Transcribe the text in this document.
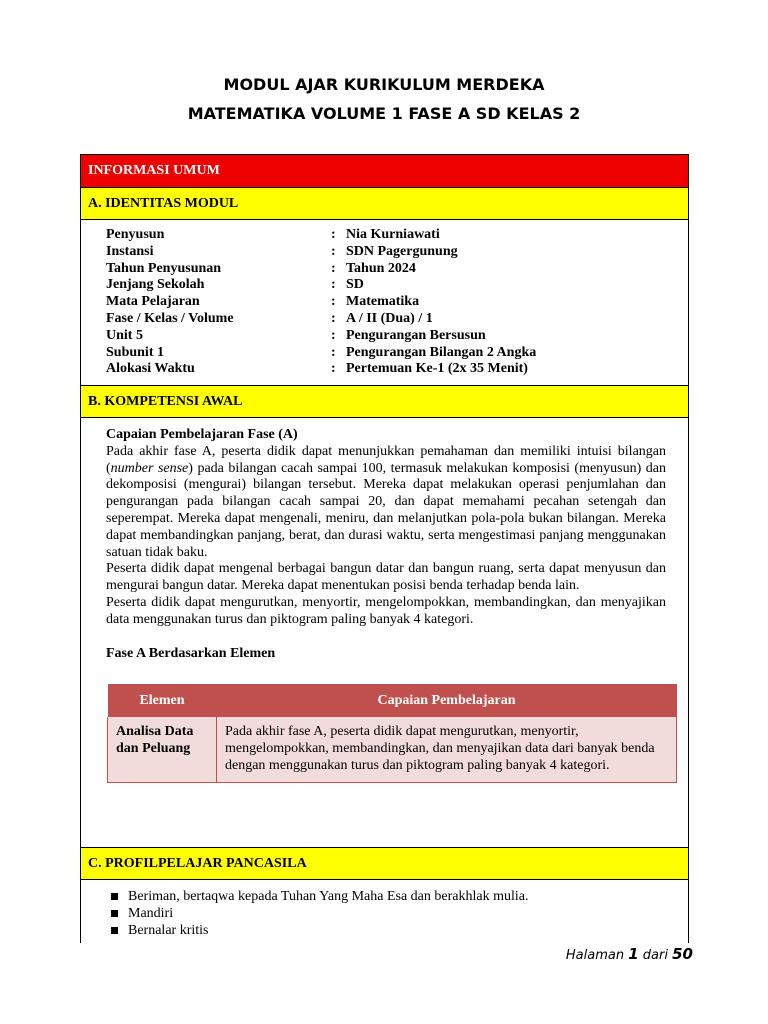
MODUL AJAR KURIKULUM MERDEKA
MATEMATIKA VOLUME 1 FASE A SD KELAS 2
INFORMASI UMUM
A. IDENTITAS MODUL
Penyusun	: Nia Kurniawati
Instansi	: SDN Pagergunung
Tahun Penyusunan	: Tahun 2024
Jenjang Sekolah	: SD
Mata Pelajaran	: Matematika
Fase / Kelas / Volume	: A / II (Dua) / 1
Unit 5	: Pengurangan Bersusun
Subunit 1	: Pengurangan Bilangan 2 Angka
Alokasi Waktu	: Pertemuan Ke-1 (2x 35 Menit)
B. KOMPETENSI AWAL
Capaian Pembelajaran Fase (A)
Pada akhir fase A, peserta didik dapat menunjukkan pemahaman dan memiliki intuisi bilangan (number sense) pada bilangan cacah sampai 100, termasuk melakukan komposisi (menyusun) dan dekomposisi (mengurai) bilangan tersebut. Mereka dapat melakukan operasi penjumlahan dan pengurangan pada bilangan cacah sampai 20, dan dapat memahami pecahan setengah dan seperempat. Mereka dapat mengenali, meniru, dan melanjutkan pola-pola bukan bilangan. Mereka dapat membandingkan panjang, berat, dan durasi waktu, serta mengestimasi panjang menggunakan satuan tidak baku.
Peserta didik dapat mengenal berbagai bangun datar dan bangun ruang, serta dapat menyusun dan mengurai bangun datar. Mereka dapat menentukan posisi benda terhadap benda lain.
Peserta didik dapat mengurutkan, menyortir, mengelompokkan, membandingkan, dan menyajikan data menggunakan turus dan piktogram paling banyak 4 kategori.
Fase A Berdasarkan Elemen
Elemen	Capaian Pembelajaran
Analisa Data dan Peluang	Pada akhir fase A, peserta didik dapat mengurutkan, menyortir, mengelompokkan, membandingkan, dan menyajikan data dari banyak benda dengan menggunakan turus dan piktogram paling banyak 4 kategori.
C. PROFILPELAJAR PANCASILA
Beriman, bertaqwa kepada Tuhan Yang Maha Esa dan berakhlak mulia.
Mandiri
Bernalar kritis
Halaman 1 dari 50
